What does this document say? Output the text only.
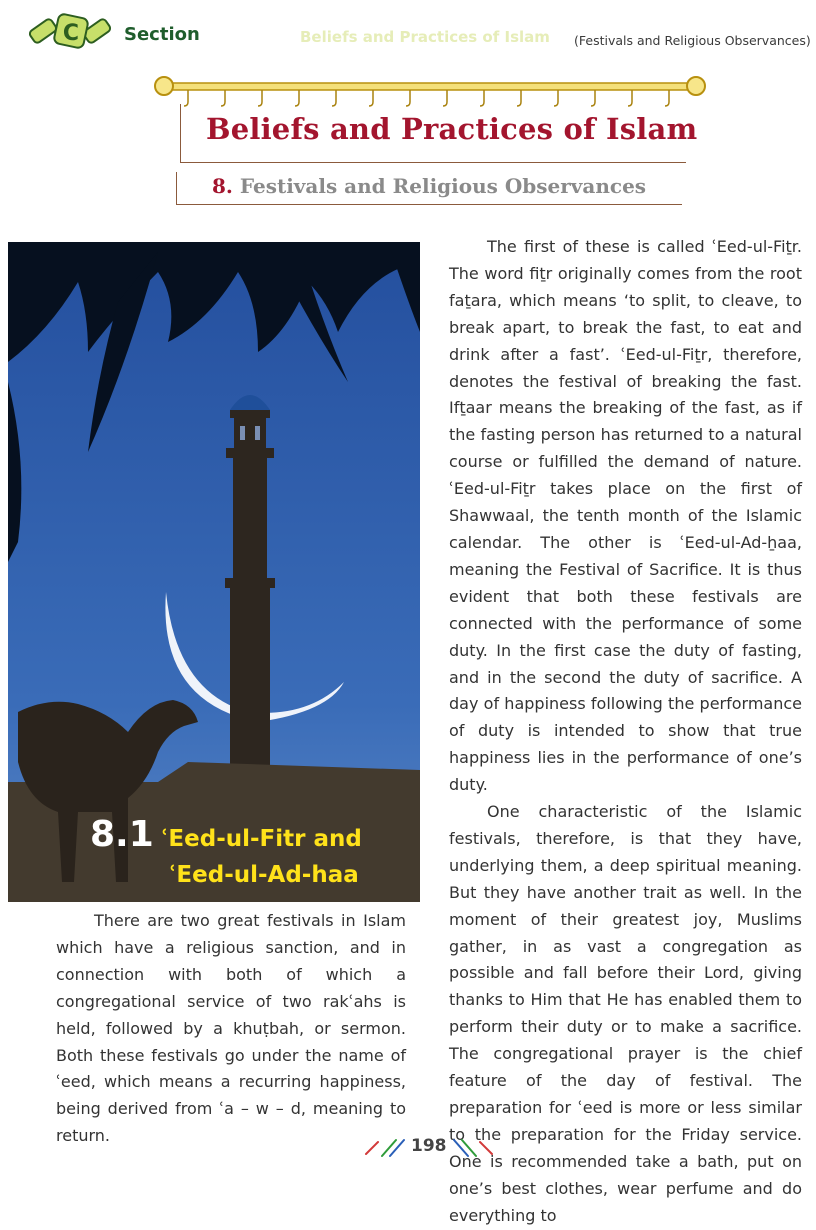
C Section	Beliefs and Practices of Islam (Festivals and Religious Observances)
Beliefs and Practices of Islam
8. Festivals and Religious Observances
8.1 ʿEed-ul-Fitr and
ʿEed-ul-Ad-haa

There are two great festivals in Islam which have a religious sanction, and in connection with both of which a congregational service of two rakʿahs is held, followed by a khuṭbah, or sermon. Both these festivals go under the name of ʿeed, which means a recurring happiness, being derived from ʿa – w – d, meaning to return.

The first of these is called ʿEed-ul-Fiṯr. The word fiṯr originally comes from the root faṯara, which means ‘to split, to cleave, to break apart, to break the fast, to eat and drink after a fast’. ʿEed-ul-Fiṯr, therefore, denotes the festival of breaking the fast. Ifṯaar means the breaking of the fast, as if the fasting person has returned to a natural course or fulfilled the demand of nature. ʿEed-ul-Fiṯr takes place on the first of Shawwaal, the tenth month of the Islamic calendar. The other is ʿEed-ul-Ad-ẖaa, meaning the Festival of Sacrifice. It is thus evident that both these festivals are connected with the performance of some duty. In the first case the duty of fasting, and in the second the duty of sacrifice. A day of happiness following the performance of duty is intended to show that true happiness lies in the performance of one’s duty.

One characteristic of the Islamic festivals, therefore, is that they have, underlying them, a deep spiritual meaning. But they have another trait as well. In the moment of their greatest joy, Muslims gather, in as vast a congregation as possible and fall before their Lord, giving thanks to Him that He has enabled them to perform their duty or to make a sacrifice. The congregational prayer is the chief feature of the day of festival. The preparation for ʿeed is more or less similar to the preparation for the Friday service. One is recommended take a bath, put on one’s best clothes, wear perfume and do everything to

198
